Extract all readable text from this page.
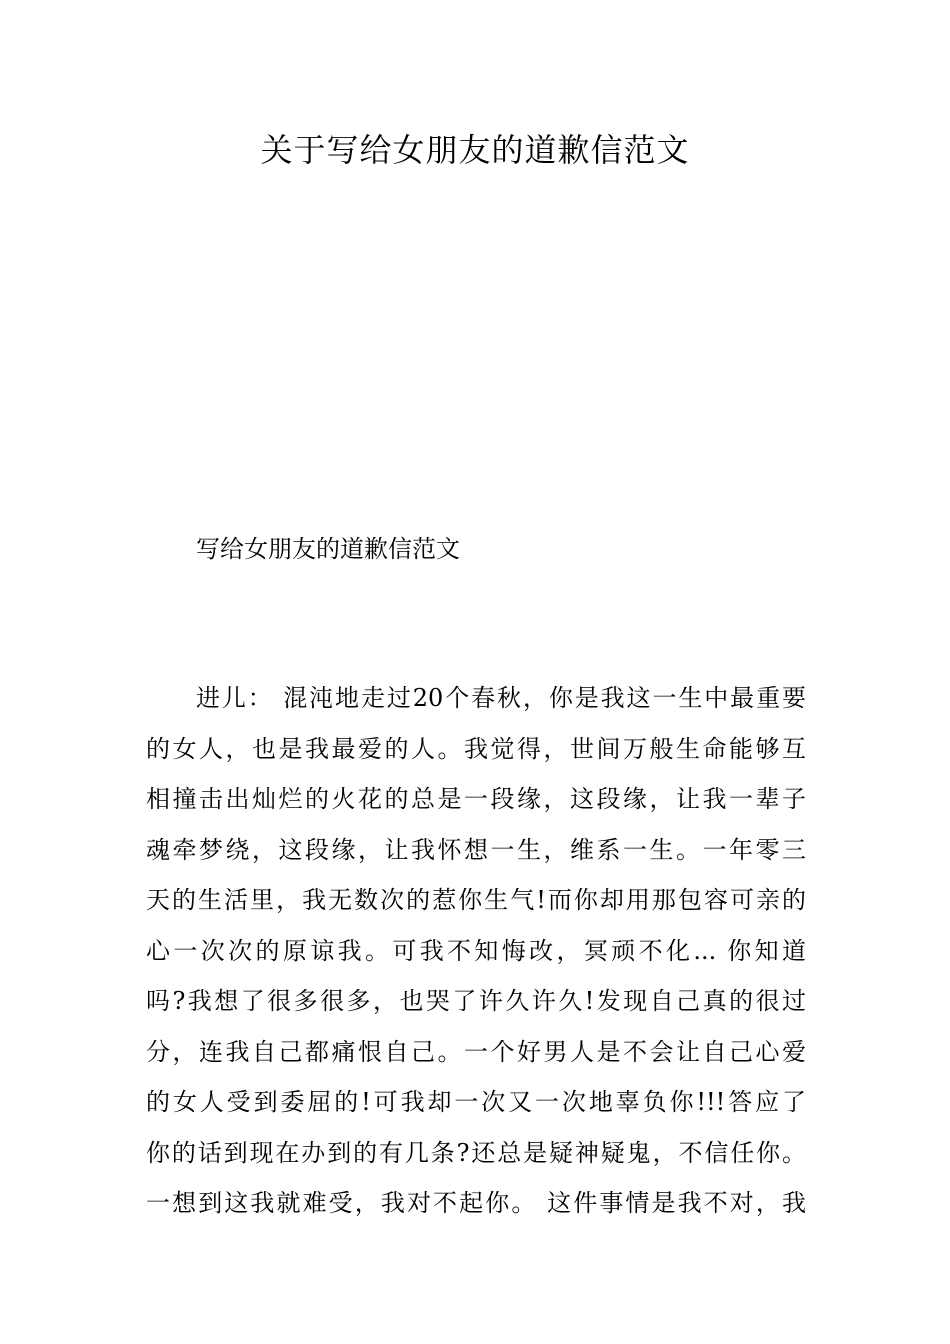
关于写给女朋友的道歉信范文

写给女朋友的道歉信范文

进儿： 混沌地走过20个春秋，你是我这一生中最重要
的女人，也是我最爱的人。我觉得，世间万般生命能够互
相撞击出灿烂的火花的总是一段缘，这段缘，让我一辈子
魂牵梦绕，这段缘，让我怀想一生，维系一生。一年零三
天的生活里，我无数次的惹你生气!而你却用那包容可亲的
心一次次的原谅我。可我不知悔改，冥顽不化... 你知道
吗?我想了很多很多，也哭了许久许久!发现自己真的很过
分，连我自己都痛恨自己。一个好男人是不会让自己心爱
的女人受到委屈的!可我却一次又一次地辜负你!!!答应了
你的话到现在办到的有几条?还总是疑神疑鬼，不信任你。
一想到这我就难受，我对不起你。 这件事情是我不对，我
